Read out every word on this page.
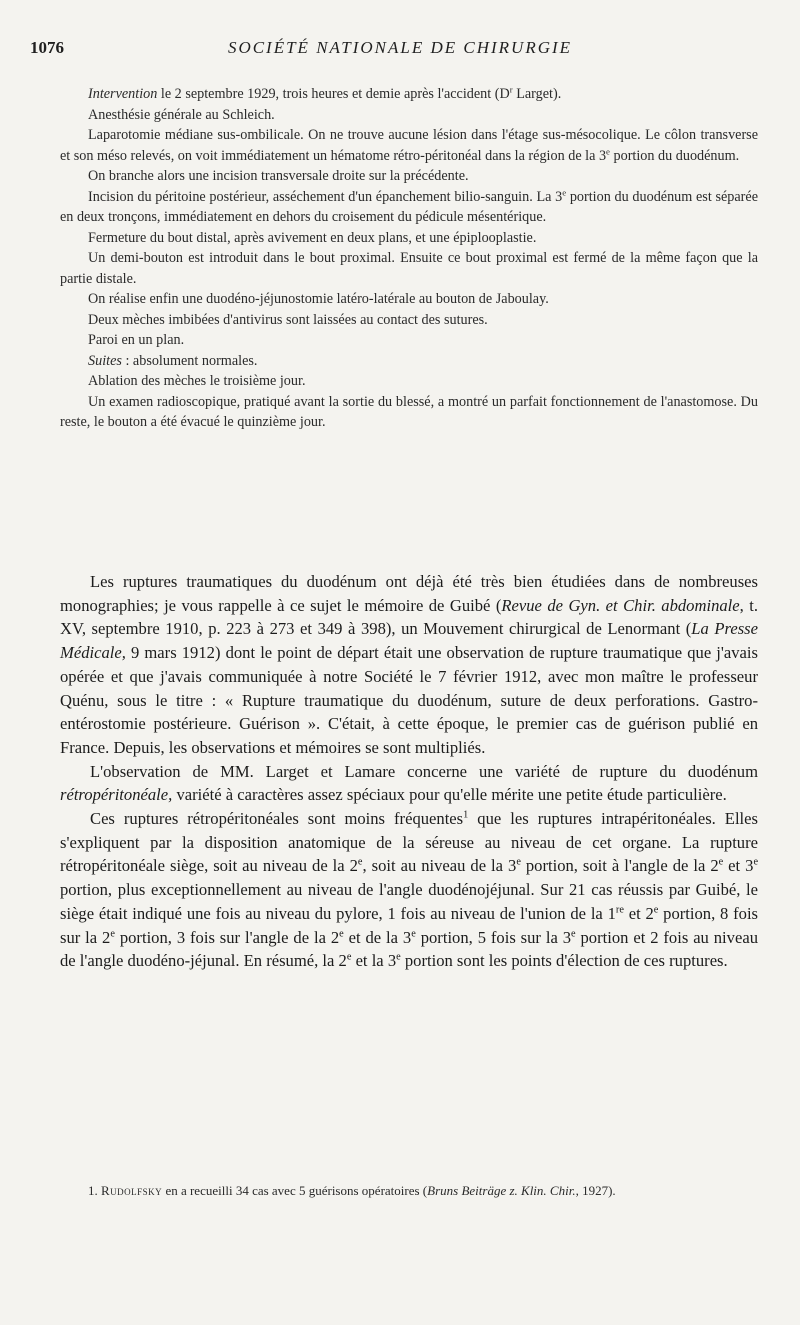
1076	SOCIÉTÉ NATIONALE DE CHIRURGIE

Intervention le 2 septembre 1929, trois heures et demie après l'accident ($D^r$ Larget).

Anesthésie générale au Schleich.

Laparotomie médiane sus-ombilicale. On ne trouve aucune lésion dans l'étage sus-mésocolique. Le côlon transverse et son méso relevés, on voit immédiatement un hématome rétro-péritonéal dans la région de la 3e portion du duodénum.

On branche alors une incision transversale droite sur la précédente.

Incision du péritoine postérieur, asséchement d'un épanchement bilio-sanguin. La 3e portion du duodénum est séparée en deux tronçons, immédiatement en dehors du croisement du pédicule mésentérique.

Fermeture du bout distal, après avivement en deux plans, et une épiplooplastie.

Un demi-bouton est introduit dans le bout proximal. Ensuite ce bout proximal est fermé de la même façon que la partie distale.

On réalise enfin une duodéno-jéjunostomie latéro-latérale au bouton de Jaboulay.

Deux mèches imbibées d'antivirus sont laissées au contact des sutures.

Paroi en un plan.

Suites : absolument normales.

Ablation des mèches le troisième jour.

Un examen radioscopique, pratiqué avant la sortie du blessé, a montré un parfait fonctionnement de l'anastomose. Du reste, le bouton a été évacué le quinzième jour.

Les ruptures traumatiques du duodénum ont déjà été très bien étudiées dans de nombreuses monographies; je vous rappelle à ce sujet le mémoire de Guibé (Revue de Gyn. et Chir. abdominale, t. XV, septembre 1910, p. 223 à 273 et 349 à 398), un Mouvement chirurgical de Lenormant (La Presse Médicale, 9 mars 1912) dont le point de départ était une observation de rupture traumatique que j'avais opérée et que j'avais communiquée à notre Société le 7 février 1912, avec mon maître le professeur Quénu, sous le titre : « Rupture traumatique du duodénum, suture de deux perforations. Gastro-entérostomie postérieure. Guérison ». C'était, à cette époque, le premier cas de guérison publié en France. Depuis, les observations et mémoires se sont multipliés.

L'observation de MM. Larget et Lamare concerne une variété de rupture du duodénum rétropéritonéale, variété à caractères assez spéciaux pour qu'elle mérite une petite étude particulière.

Ces ruptures rétropéritonéales sont moins fréquentes$^1$ que les ruptures intrapéritonéales. Elles s'expliquent par la disposition anatomique de la séreuse au niveau de cet organe. La rupture rétropéritonéale siège, soit au niveau de la 2e, soit au niveau de la 3e portion, soit à l'angle de la 2e et 3e portion, plus exceptionnellement au niveau de l'angle duodénojéjunal. Sur 21 cas réussis par Guibé, le siège était indiqué une fois au niveau du pylore, 1 fois au niveau de l'union de la 1re et 2e portion, 8 fois sur la 2e portion, 3 fois sur l'angle de la 2e et de la 3e portion, 5 fois sur la 3e portion et 2 fois au niveau de l'angle duodéno-jéjunal. En résumé, la 2e et la 3e portion sont les points d'élection de ces ruptures.

1. Rudolfsky en a recueilli 34 cas avec 5 guérisons opératoires (Bruns Beiträge z. Klin. Chir., 1927).
